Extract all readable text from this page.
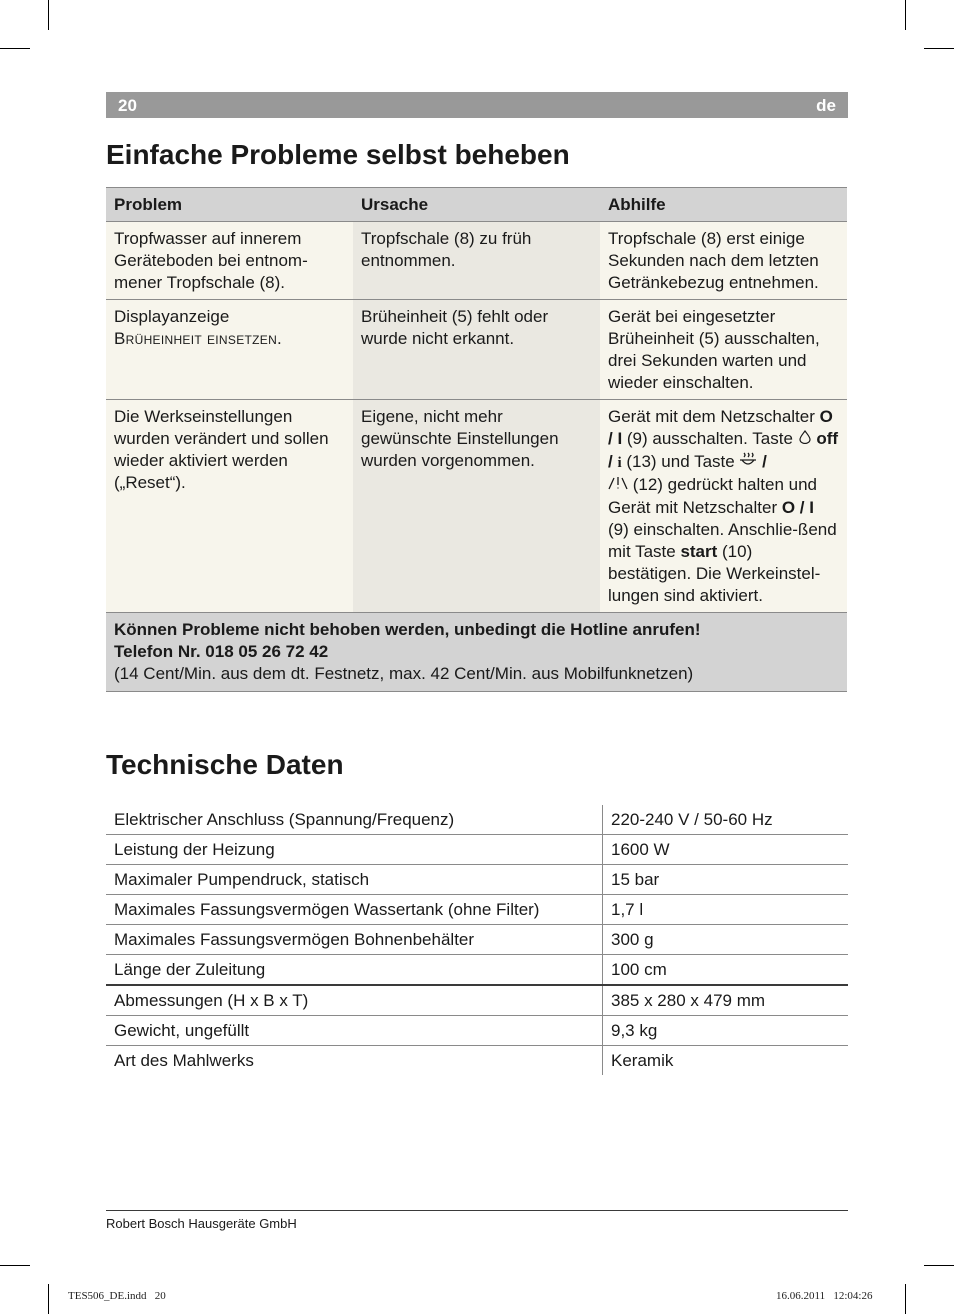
20	de
Einfache Probleme selbst beheben
Problem	Ursache	Abhilfe
Tropfwasser auf innerem Geräteboden bei entnom-mener Tropfschale (8).	Tropfschale (8) zu früh entnommen.	Tropfschale (8) erst einige Sekunden nach dem letzten Getränkebezug entnehmen.
Displayanzeige
Brüheinheit einsetzen.	Brüheinheit (5) fehlt oder wurde nicht erkannt.	Gerät bei eingesetzter Brüheinheit (5) ausschalten, drei Sekunden warten und wieder einschalten.
Die Werkseinstellungen wurden verändert und sollen wieder aktiviert werden („Reset“).	Eigene, nicht mehr gewünschte Einstellungen wurden vorgenommen.	Gerät mit dem Netzschalter O / I (9) ausschalten. Taste  off / i (13) und Taste  /
(12) gedrückt halten und Gerät mit Netzschalter O / I (9) einschalten. Anschlie-ßend mit Taste start (10) bestätigen. Die Werkeinstel-lungen sind aktiviert.

Können Probleme nicht behoben werden, unbedingt die Hotline anrufen!
Telefon Nr. 018 05 26 72 42
(14 Cent/Min. aus dem dt. Festnetz, max. 42 Cent/Min. aus Mobilfunknetzen)		
Technische Daten
Elektrischer Anschluss (Spannung/Frequenz)	220-240 V / 50-60 Hz
Leistung der Heizung	1600 W
Maximaler Pumpendruck, statisch	15 bar
Maximales Fassungsvermögen Wassertank (ohne Filter)	1,7 l
Maximales Fassungsvermögen Bohnenbehälter	300 g
Länge der Zuleitung	100 cm
Abmessungen (H x B x T)	385 x 280 x 479 mm
Gewicht, ungefüllt	9,3 kg
Art des Mahlwerks	Keramik
Robert Bosch Hausgeräte GmbH
TES506_DE.indd   20	16.06.2011   12:04:26
